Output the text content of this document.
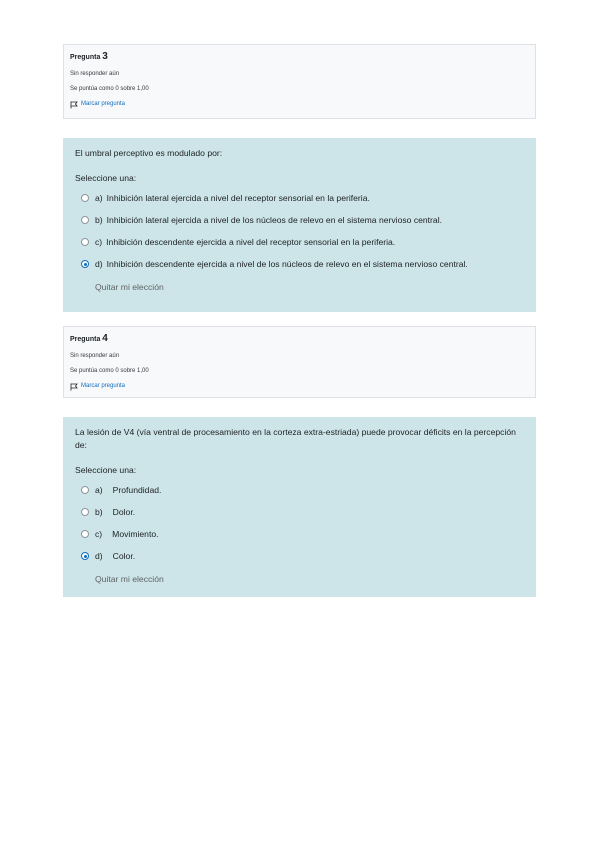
Pregunta 3
Sin responder aún
Se puntúa como 0 sobre 1,00
Marcar pregunta
El umbral perceptivo es modulado por:
Seleccione una:
a) Inhibición lateral ejercida a nivel del receptor sensorial en la periferia.
b) Inhibición lateral ejercida a nivel de los núcleos de relevo en el sistema nervioso central.
c) Inhibición descendente ejercida a nivel del receptor sensorial en la periferia.
d) Inhibición descendente ejercida a nivel de los núcleos de relevo en el sistema nervioso central.
Quitar mi elección
Pregunta 4
Sin responder aún
Se puntúa como 0 sobre 1,00
Marcar pregunta
La lesión de V4 (vía ventral de procesamiento en la corteza extra-estriada) puede provocar déficits en la percepción de:
Seleccione una:
a) Profundidad.
b) Dolor.
c) Movimiento.
d) Color.
Quitar mi elección
